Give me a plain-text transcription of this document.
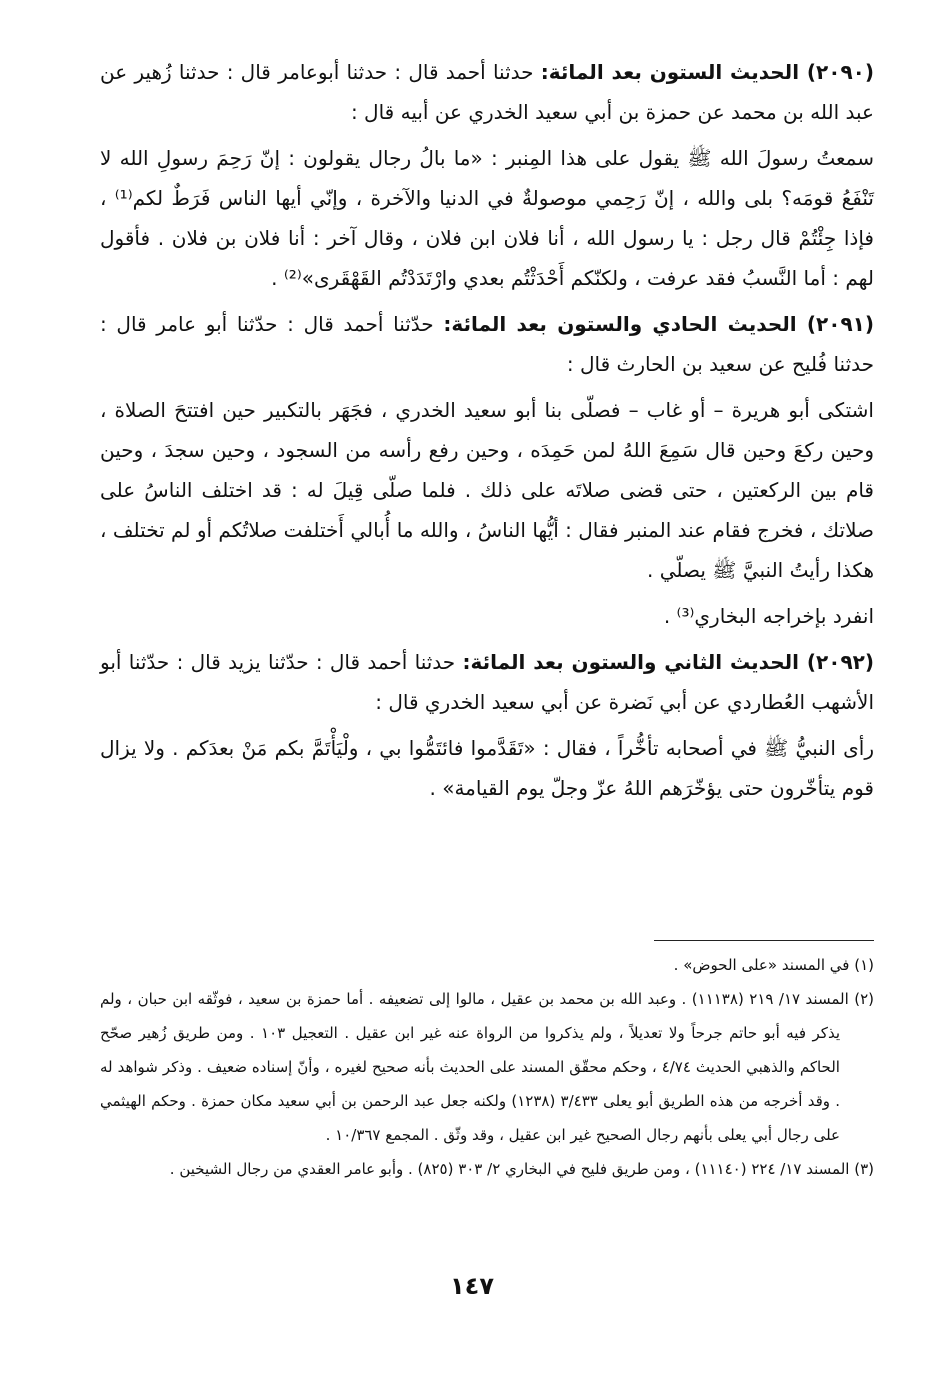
(٢٠٩٠) الحديث الستون بعد المائة: حدثنا أحمد قال : حدثنا أبوعامر قال : حدثنا زُهير عن عبد الله بن محمد عن حمزة بن أبي سعيد الخدري عن أبيه قال :

سمعتُ رسولَ الله ﷺ يقول على هذا المِنبر : «ما بالُ رجال يقولون : إنّ رَحِمَ رسولِ الله لا تَنْفَعُ قومَه؟ بلى والله ، إنّ رَحِمي موصولةٌ في الدنيا والآخرة ، وإنّي أيها الناس فَرَطٌ لكم⁽¹⁾ ، فإذا جِئْتُمْ قال رجل : يا رسول الله ، أنا فلان ابن فلان ، وقال آخر : أنا فلان بن فلان . فأقول لهم : أما النَّسبُ فقد عرفت ، ولكنّكم أَحْدَثْتُم بعدي وارْتَدَدْتُم القَهْقَرى»⁽²⁾ .

(٢٠٩١) الحديث الحادي والستون بعد المائة: حدّثنا أحمد قال : حدّثنا أبو عامر قال : حدثنا فُليح عن سعيد بن الحارث قال :

اشتكى أبو هريرة – أو غاب – فصلّى بنا أبو سعيد الخدري ، فجَهَر بالتكبير حين افتتحَ الصلاة ، وحين ركعَ وحين قال سَمِعَ اللهُ لمن حَمِدَه ، وحين رفع رأسه من السجود ، وحين سجدَ ، وحين قام بين الركعتين ، حتى قضى صلاتَه على ذلك . فلما صلّى قِيلَ له : قد اختلف الناسُ على صلاتك ، فخرج فقام عند المنبر فقال : أيُّها الناسُ ، والله ما أُبالي أَختلفت صلاتُكم أو لم تختلف ، هكذا رأيتُ النبيَّ ﷺ يصلّي .

انفرد بإخراجه البخاري⁽³⁾ .

(٢٠٩٢) الحديث الثاني والستون بعد المائة: حدثنا أحمد قال : حدّثنا يزيد قال : حدّثنا أبو الأشهب العُطاردي عن أبي نَضرة عن أبي سعيد الخدري قال :

رأى النبيُّ ﷺ في أصحابه تأخُّراً ، فقال : «تَقَدَّموا فائتَمُّوا بي ، ولْيَأْتَمَّ بكم مَنْ بعدَكم . ولا يزال قوم يتأخّرون حتى يؤخّرَهم اللهُ عزّ وجلّ يوم القيامة» .

(١) في المسند «على الحوض» .

(٢) المسند ١٧/ ٢١٩ (١١١٣٨) . وعبد الله بن محمد بن عقيل ، مالوا إلى تضعيفه . أما حمزة بن سعيد ، فوثّقه ابن حبان ، ولم يذكر فيه أبو حاتم جرحاً ولا تعديلاً ، ولم يذكروا من الرواة عنه غير ابن عقيل . التعجيل ١٠٣ . ومن طريق زُهير صحّح الحاكم والذهبي الحديث ٤/٧٤ ، وحكم محقّق المسند على الحديث بأنه صحيح لغيره ، وأنّ إسناده ضعيف . وذكر شواهد له . وقد أخرجه من هذه الطريق أبو يعلى ٣/٤٣٣ (١٢٣٨) ولكنه جعل عبد الرحمن بن أبي سعيد مكان حمزة . وحكم الهيثمي على رجال أبي يعلى بأنهم رجال الصحيح غير ابن عقيل ، وقد وثّق . المجمع ١٠/٣٦٧ .

(٣) المسند ١٧/ ٢٢٤ (١١١٤٠) ، ومن طريق فليح في البخاري ٢/ ٣٠٣ (٨٢٥) . وأبو عامر العقدي من رجال الشيخين .

١٤٧
